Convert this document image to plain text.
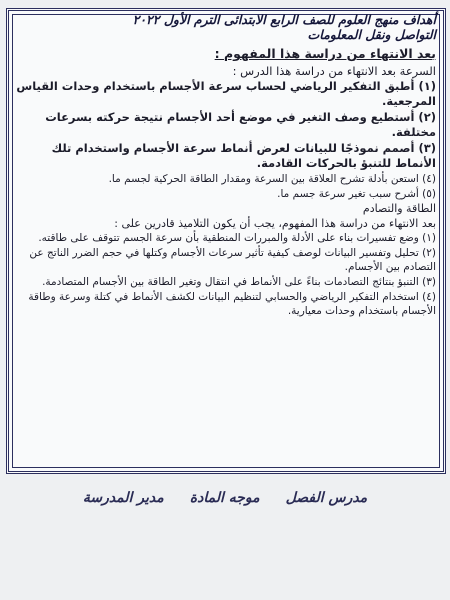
أهداف منهج العلوم للصف الرابع الابتدائى الترم الأول ٢٠٢٢

التواصل ونقل المعلومات

بعد الانتهاء من دراسة هذا المفهوم :

السرعة بعد الانتهاء من دراسة هذا الدرس :

(١) أطبق التفكير الرياضي لحساب سرعة الأجسام باستخدام وحدات القياس المرجعية.

(٢) أستطيع وصف التغير في موضع أحد الأجسام نتيجة حركته بسرعات مختلفة.

(٣) أصمم نموذجًا للبيانات لعرض أنماط سرعة الأجسام واستخدام تلك الأنماط للتنبؤ بالحركات القادمة.

(٤) استعن بأدلة تشرح العلاقة بين السرعة ومقدار الطاقة الحركية لجسم ما.

(٥) أشرح سبب تغير سرعة جسم ما.

الطاقة والتصادم

بعد الانتهاء من دراسة هذا المفهوم، يجب أن يكون التلاميذ قادرين على :

(١) وضع تفسيرات بناء على الأدلة والمبررات المنطقية بأن سرعة الجسم تتوقف على طاقته.

(٢) تحليل وتفسير البيانات لوصف كيفية تأثير سرعات الأجسام وكتلها في حجم الضرر الناتج عن التصادم بين الأجسام.

(٣) التنبؤ بنتائج التصادمات بناءً على الأنماط في انتقال وتغير الطاقة بين الأجسام المتصادمة.

(٤) استخدام التفكير الرياضي والحسابي لتنظيم البيانات لكشف الأنماط في كتلة وسرعة وطاقة الأجسام باستخدام وحدات معيارية.

مدرس الفصل
موجه المادة
مدير المدرسة
